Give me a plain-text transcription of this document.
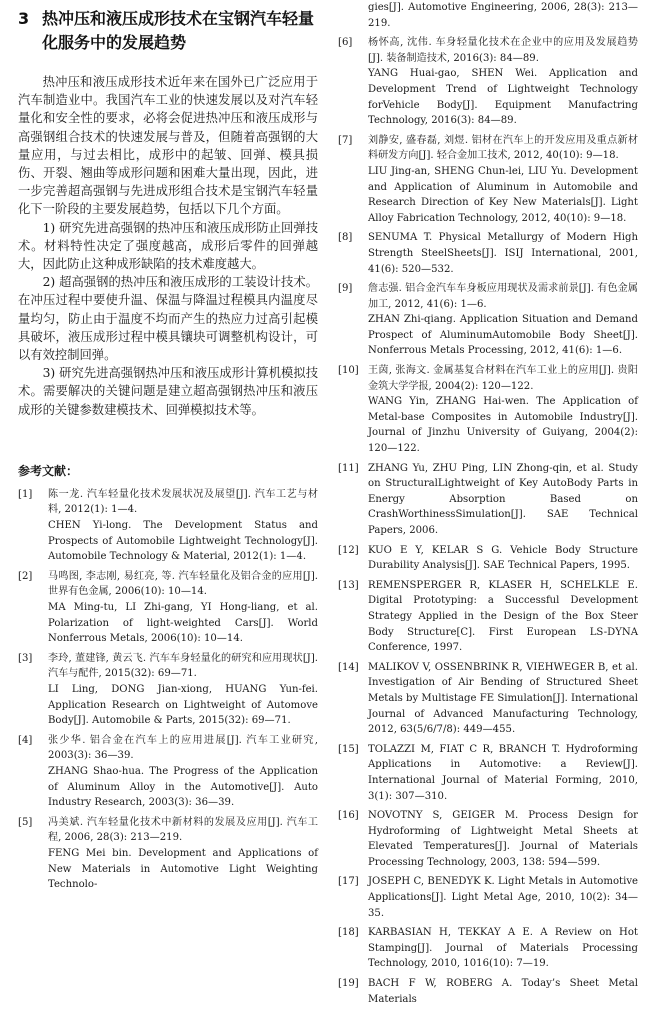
3 热冲压和液压成形技术在宝钢汽车轻量化服务中的发展趋势

热冲压和液压成形技术近年来在国外已广泛应用于汽车制造业中。我国汽车工业的快速发展以及对汽车轻量化和安全性的要求，必将会促进热冲压和液压成形与高强钢组合技术的快速发展与普及，但随着高强钢的大量应用，与过去相比，成形中的起皱、回弹、模具损伤、开裂、翘曲等成形问题和困难大量出现，因此，进一步完善超高强钢与先进成形组合技术是宝钢汽车轻量化下一阶段的主要发展趋势，包括以下几个方面。

1) 研究先进高强钢的热冲压和液压成形防止回弹技术。材料特性决定了强度越高，成形后零件的回弹越大，因此防止这种成形缺陷的技术难度越大。

2) 超高强钢的热冲压和液压成形的工装设计技术。在冲压过程中要使升温、保温与降温过程模具内温度尽量均匀，防止由于温度不均而产生的热应力过高引起模具破坏，液压成形过程中模具镶块可调整机构设计，可以有效控制回弹。

3) 研究先进高强钢热冲压和液压成形计算机模拟技术。需要解决的关键问题是建立超高强钢热冲压和液压成形的关键参数建模技术、回弹模拟技术等。

参考文献：
[1]	陈一龙. 汽车轻量化技术发展状况及展望[J]. 汽车工艺与材料, 2012(1): 1—4.
CHEN Yi-long. The Development Status and Prospects of Automobile Lightweight Technology[J]. Automobile Technology & Material, 2012(1): 1—4.
[2]	马鸣图, 李志刚, 易红亮, 等. 汽车轻量化及铝合金的应用[J]. 世界有色金属, 2006(10): 10—14.
MA Ming-tu, LI Zhi-gang, YI Hong-liang, et al. Polarization of light-weighted Cars[J]. World Nonferrous Metals, 2006(10): 10—14.
[3]	李玲, 董建锋, 黄云飞. 汽车车身轻量化的研究和应用现状[J]. 汽车与配件, 2015(32): 69—71.
LI Ling, DONG Jian-xiong, HUANG Yun-fei. Application Research on Lightweight of Automove Body[J]. Automobile & Parts, 2015(32): 69—71.
[4]	张少华. 铝合金在汽车上的应用进展[J]. 汽车工业研究, 2003(3): 36—39.
ZHANG Shao-hua. The Progress of the Application of Aluminum Alloy in the Automotive[J]. Auto Industry Research, 2003(3): 36—39.
[5]	冯美斌. 汽车轻量化技术中新材料的发展及应用[J]. 汽车工程, 2006, 28(3): 213—219.
FENG Mei bin. Development and Applications of New Materials in Automotive Light Weighting Technolo-
gies[J]. Automotive Engineering, 2006, 28(3): 213—219.
[6]	杨怀高, 沈伟. 车身轻量化技术在企业中的应用及发展趋势[J]. 装备制造技术, 2016(3): 84—89.
YANG Huai-gao, SHEN Wei. Application and Development Trend of Lightweight Technology forVehicle Body[J]. Equipment Manufactring Technology, 2016(3): 84—89.
[7]	刘静安, 盛春磊, 刘煜. 铝材在汽车上的开发应用及重点新材料研发方向[J]. 轻合金加工技术, 2012, 40(10): 9—18.
LIU Jing-an, SHENG Chun-lei, LIU Yu. Development and Application of Aluminum in Automobile and Research Direction of Key New Materials[J]. Light Alloy Fabrication Technology, 2012, 40(10): 9—18.
[8]	SENUMA T. Physical Metallurgy of Modern High Strength SteelSheets[J]. ISIJ International, 2001, 41(6): 520—532.
[9]	詹志强. 铝合金汽车车身板应用现状及需求前景[J]. 有色金属加工, 2012, 41(6): 1—6.
ZHAN Zhi-qiang. Application Situation and Demand Prospect of AluminumAutomobile Body Sheet[J]. Nonferrous Metals Processing, 2012, 41(6): 1—6.
[10] 王茵, 张海文. 金属基复合材料在汽车工业上的应用[J]. 贵阳金筑大学学报, 2004(2): 120—122.
WANG Yin, ZHANG Hai-wen. The Application of Metal-base Composites in Automobile Industry[J]. Journal of Jinzhu University of Guiyang, 2004(2): 120—122.
[11] ZHANG Yu, ZHU Ping, LIN Zhong-qin, et al. Study on StructuralLightweight of Key AutoBody Parts in Energy Absorption Based on CrashWorthinessSimulation[J]. SAE Technical Papers, 2006.
[12] KUO E Y, KELAR S G. Vehicle Body Structure Durability Analysis[J]. SAE Technical Papers, 1995.
[13] REMENSPERGER R, KLASER H, SCHELKLE E. Digital Prototyping: a Successful Development Strategy Applied in the Design of the Box Steer Body Structure[C]. First European LS-DYNA Conference, 1997.
[14] MALIKOV V, OSSENBRINK R, VIEHWEGER B, et al. Investigation of Air Bending of Structured Sheet Metals by Multistage FE Simulation[J]. International Journal of Advanced Manufacturing Technology, 2012, 63(5/6/7/8): 449—455.
[15] TOLAZZI M, FIAT C R, BRANCH T. Hydroforming Applications in Automotive: a Review[J]. International Journal of Material Forming, 2010, 3(1): 307—310.
[16] NOVOTNY S, GEIGER M. Process Design for Hydroforming of Lightweight Metal Sheets at Elevated Temperatures[J]. Journal of Materials Processing Technology, 2003, 138: 594—599.
[17] JOSEPH C, BENEDYK K. Light Metals in Automotive Applications[J]. Light Metal Age, 2010, 10(2): 34—35.
[18] KARBASIAN H, TEKKAY A E. A Review on Hot Stamping[J]. Journal of Materials Processing Technology, 2010, 1016(10): 7—19.
[19] BACH F W, ROBERG A. Today’s Sheet Metal Materials
